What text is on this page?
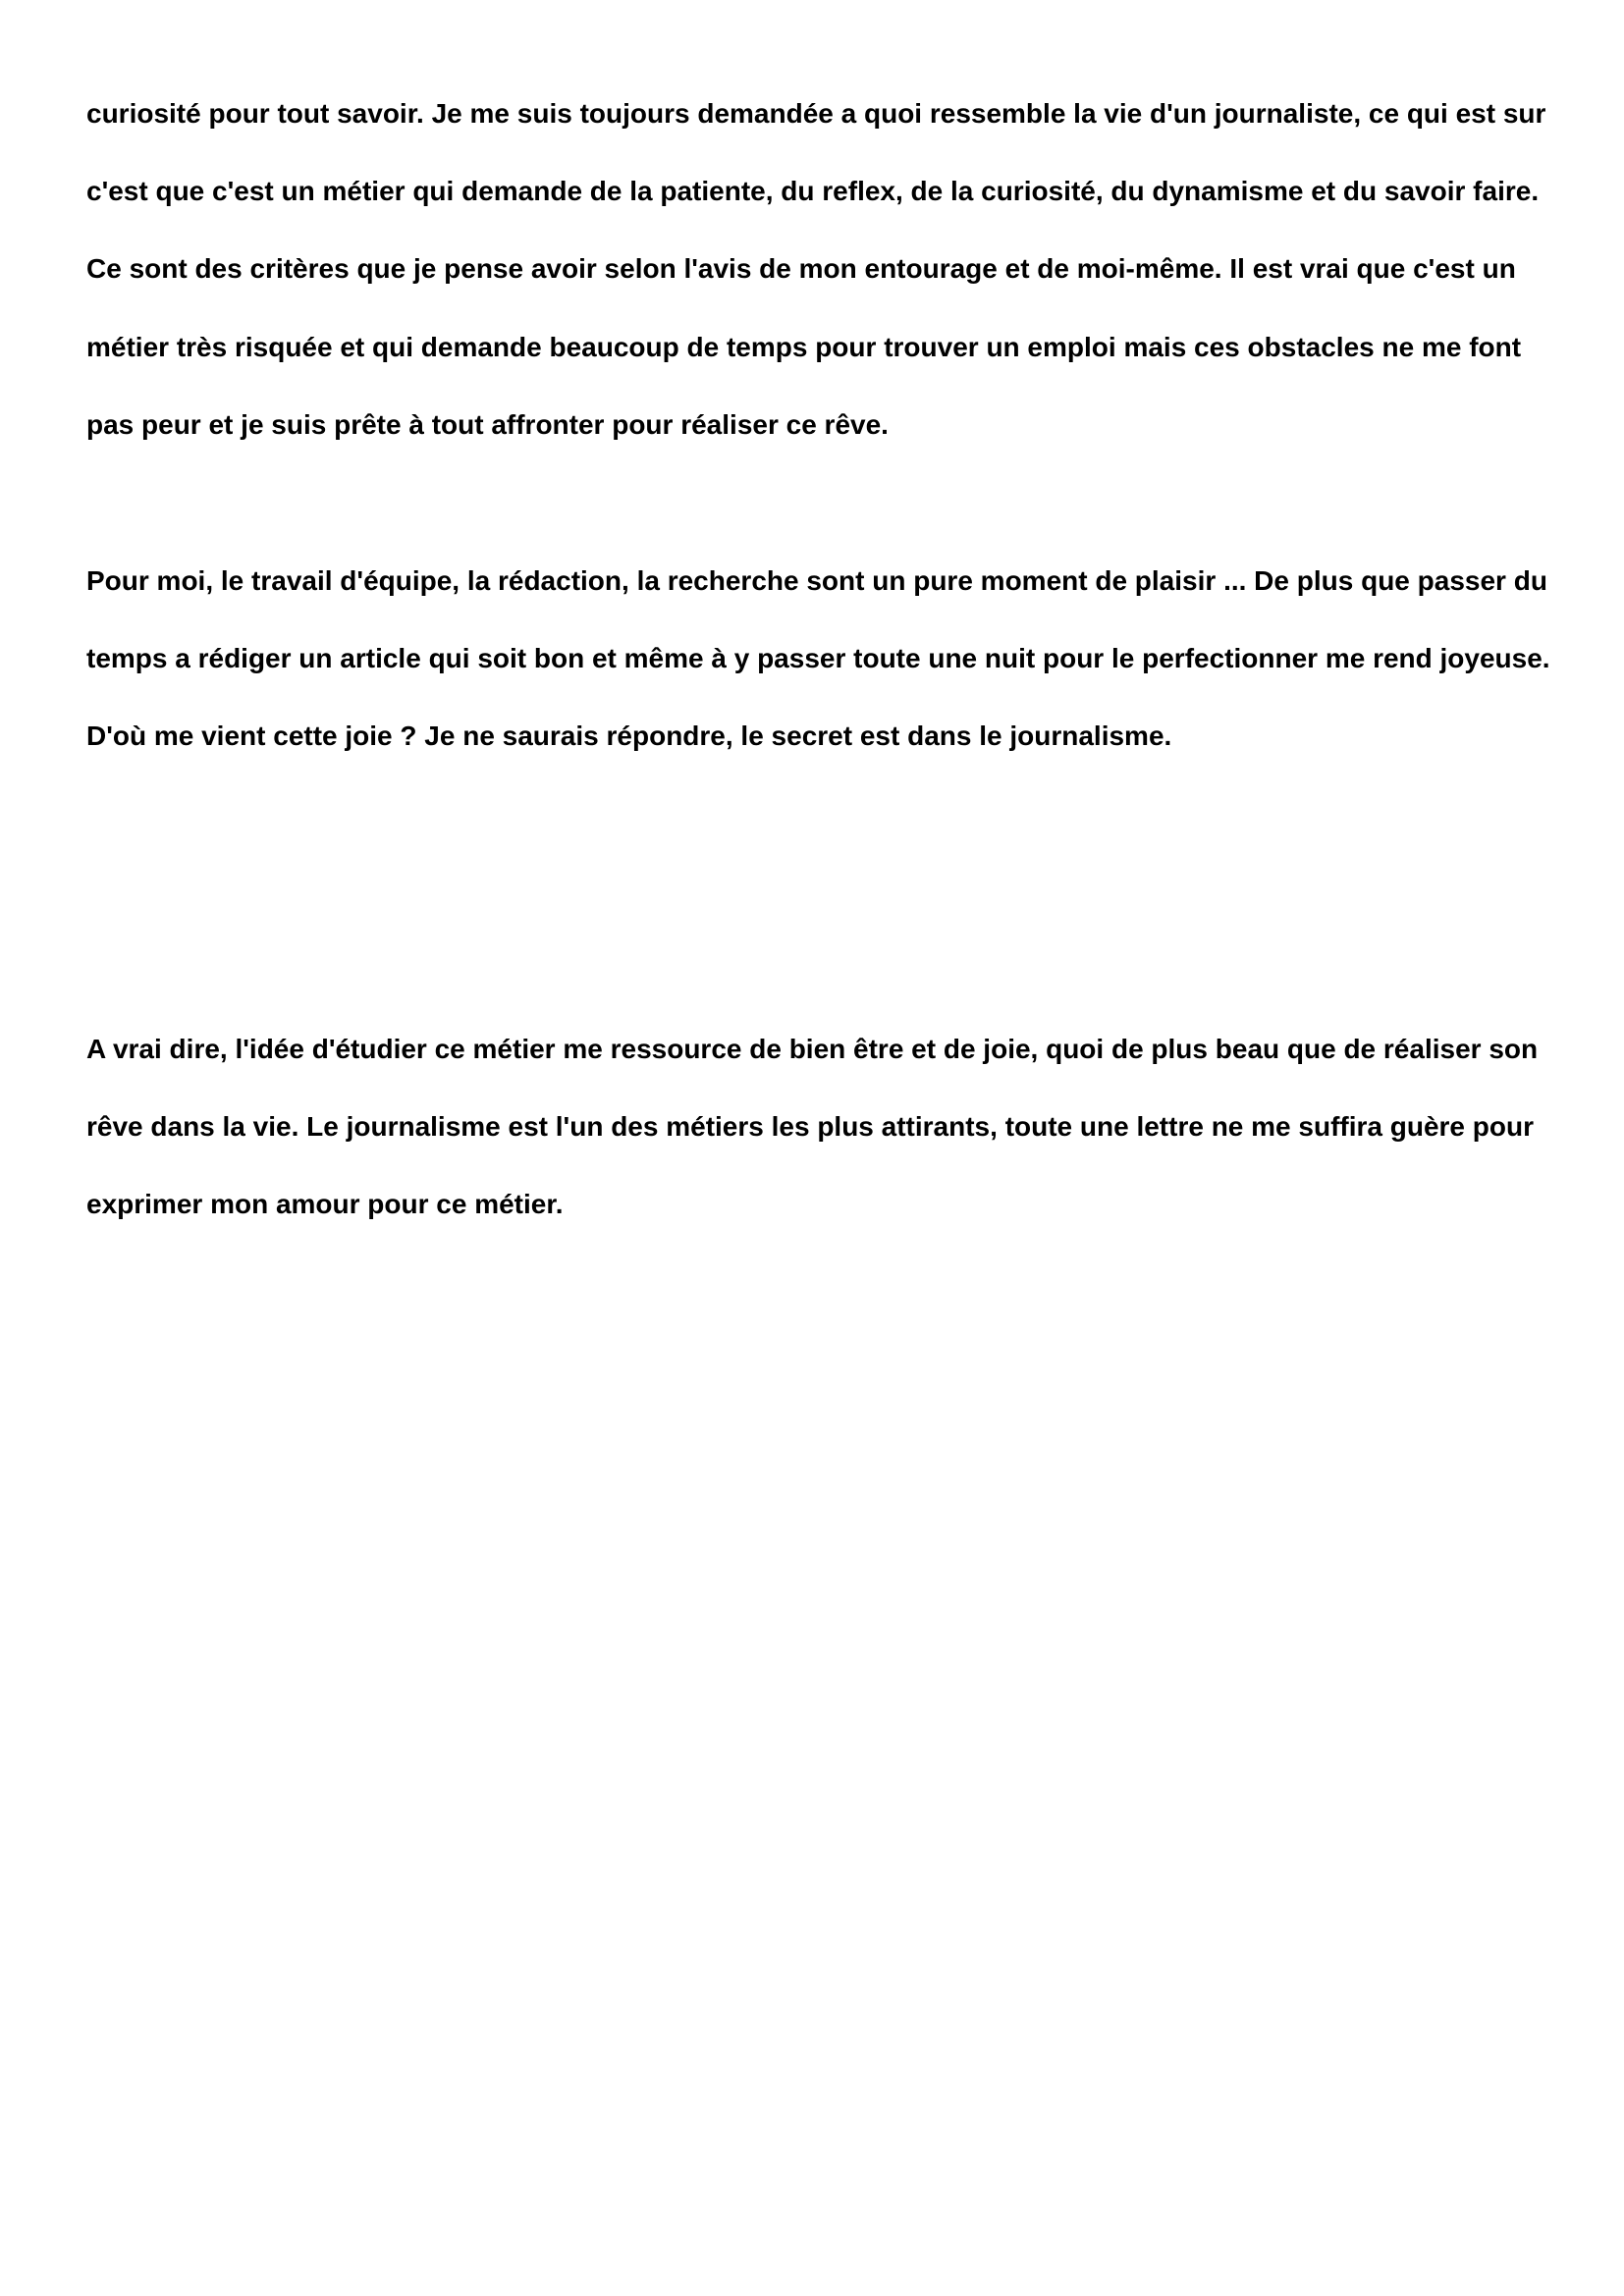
curiosité pour tout savoir. Je me suis toujours demandée a quoi ressemble la vie d'un journaliste, ce qui est sur

c'est que c'est un métier qui demande de la patiente, du reflex, de la curiosité, du dynamisme et du savoir faire.

Ce sont des critères que je pense avoir selon l'avis de mon entourage et de moi-même. Il est vrai que c'est un

métier très risquée et qui demande beaucoup de temps pour trouver un emploi mais ces obstacles ne me font

pas peur et je suis prête à tout affronter pour réaliser ce rêve.

Pour moi, le travail d'équipe, la rédaction, la recherche sont un pure moment de plaisir ... De plus que passer du

temps a rédiger un article qui soit bon et même à y passer toute une nuit pour le perfectionner me rend joyeuse.

D'où me vient cette joie ? Je ne saurais répondre, le secret est dans le journalisme.

A vrai dire, l'idée d'étudier ce métier me ressource de bien être et de joie, quoi de plus beau que de réaliser son

rêve dans la vie. Le journalisme est l'un des métiers les plus attirants, toute une lettre ne me suffira guère pour

exprimer mon amour pour ce métier.
